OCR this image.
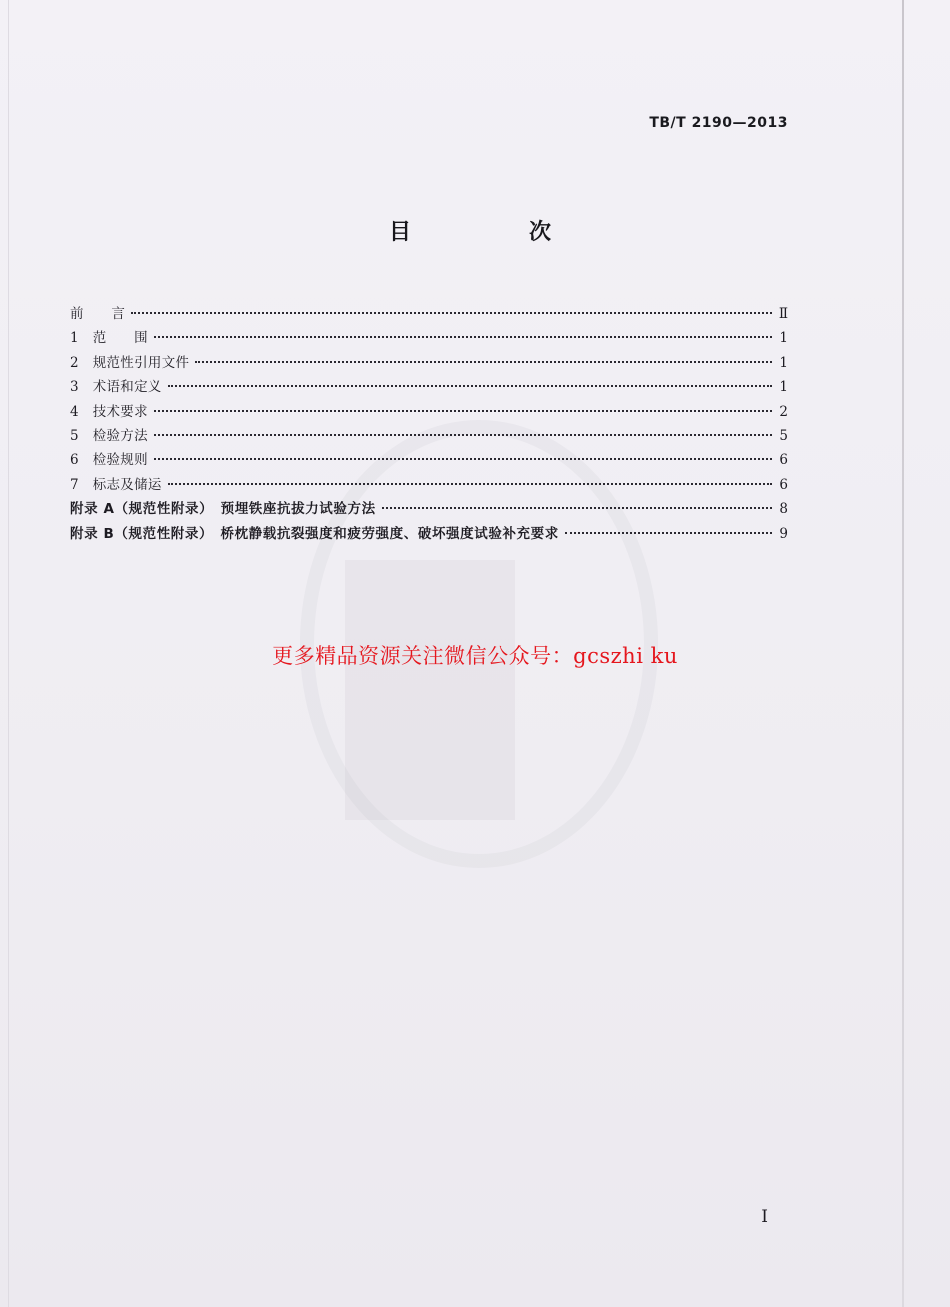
TB/T 2190—2013
目　次
前　　言	Ⅱ
1　范　　围	1
2　规范性引用文件	1
3　术语和定义	1
4　技术要求	2
5　检验方法	5
6　检验规则	6
7　标志及储运	6
附录 A（规范性附录）　预埋铁座抗拔力试验方法	8
附录 B（规范性附录）　桥枕静载抗裂强度和疲劳强度、破坏强度试验补充要求	9
更多精品资源关注微信公众号：gcszhi ku
I
